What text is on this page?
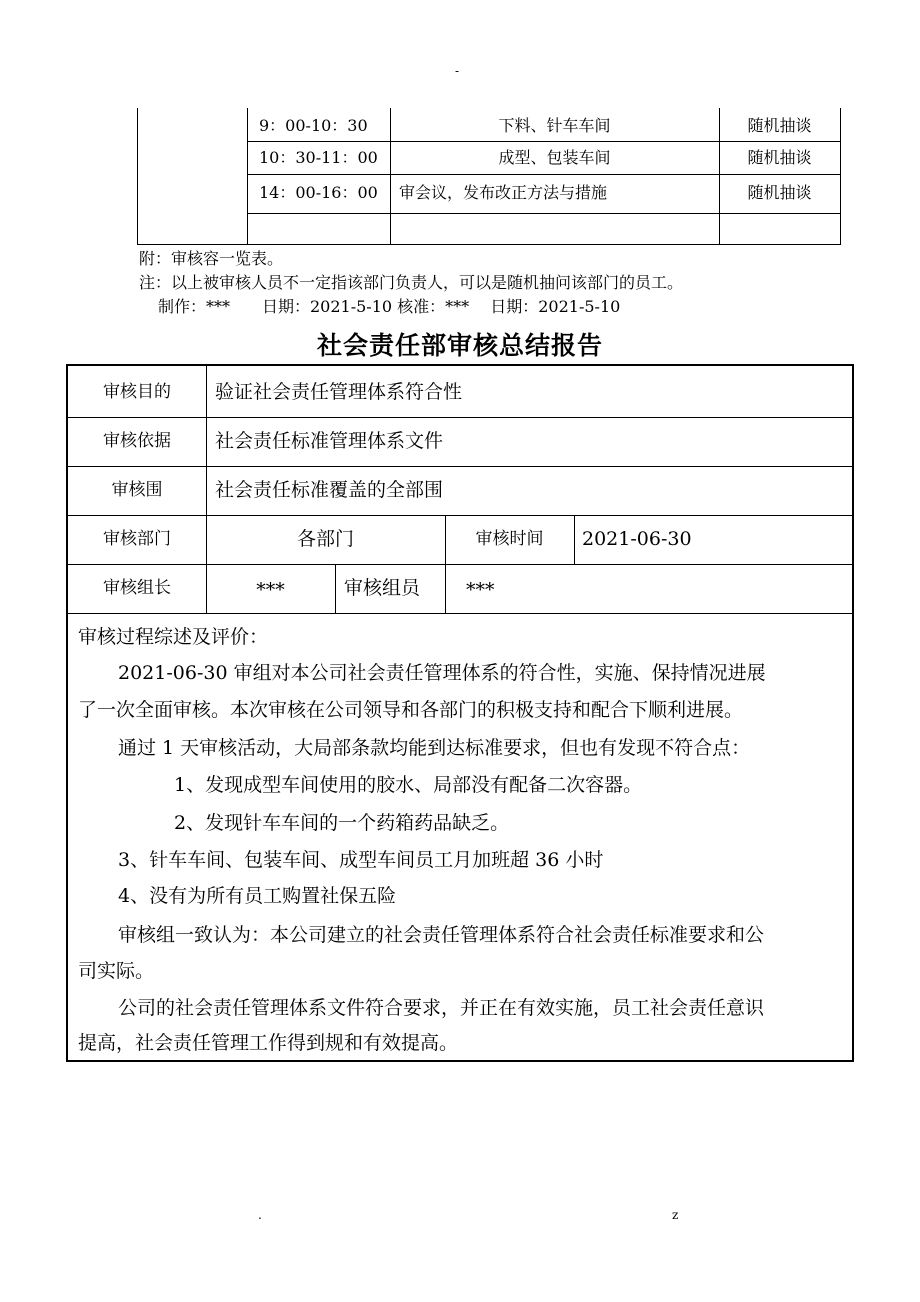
-
9：00-10：30	下料、针车车间	随机抽谈
10：30-11：00	成型、包装车间	随机抽谈
14：00-16：00 审会议，发布改正方法与措施	随机抽谈
附：审核容一览表。
注：以上被审核人员不一定指该部门负责人，可以是随机抽问该部门的员工。
制作：***　　日期：2021-5-10 核准：***　 日期：2021-5-10
社会责任部审核总结报告
审核目的	验证社会责任管理体系符合性
审核依据	社会责任标准管理体系文件
审核围	社会责任标准覆盖的全部围
审核部门	各部门	审核时间	2021-06-30
审核组长	***	审核组员 ***
审核过程综述及评价：
2021-06-30 审组对本公司社会责任管理体系的符合性，实施、保持情况进展
了一次全面审核。本次审核在公司领导和各部门的积极支持和配合下顺利进展。
通过 1 天审核活动，大局部条款均能到达标准要求，但也有发现不符合点：
1、发现成型车间使用的胶水、局部没有配备二次容器。
2、发现针车车间的一个药箱药品缺乏。
3、针车车间、包装车间、成型车间员工月加班超 36 小时
4、没有为所有员工购置社保五险
审核组一致认为：本公司建立的社会责任管理体系符合社会责任标准要求和公
司实际。
公司的社会责任管理体系文件符合要求，并正在有效实施，员工社会责任意识
提高，社会责任管理工作得到规和有效提高。
.	z
